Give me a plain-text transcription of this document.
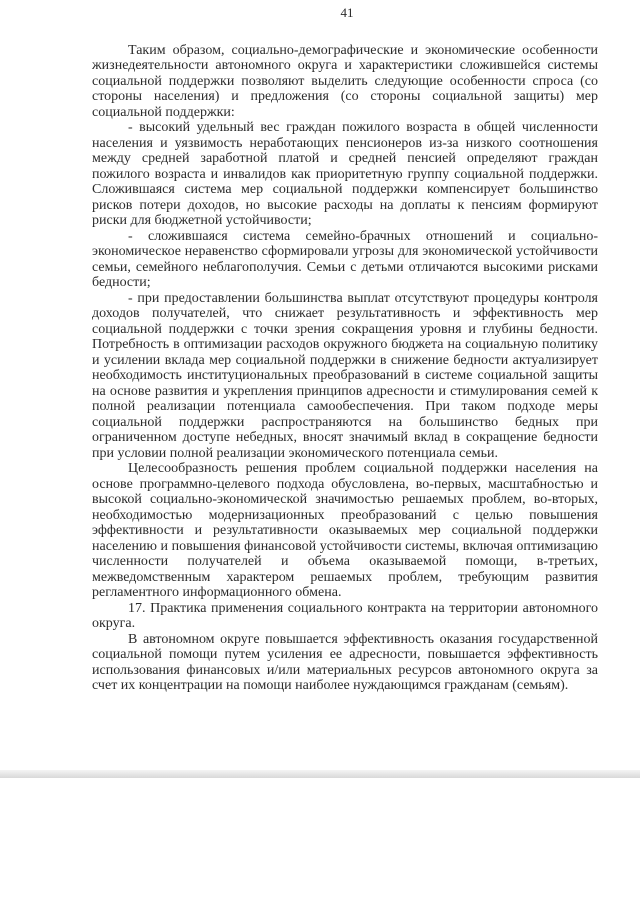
41

Таким образом, социально-демографические и экономические особенности жизнедеятельности автономного округа и характеристики сложившейся системы социальной поддержки позволяют выделить следующие особенности спроса (со стороны населения) и предложения (со стороны социальной защиты) мер социальной поддержки:

- высокий удельный вес граждан пожилого возраста в общей численности населения и уязвимость неработающих пенсионеров из-за низкого соотношения между средней заработной платой и средней пенсией определяют граждан пожилого возраста и инвалидов как приоритетную группу социальной поддержки. Сложившаяся система мер социальной поддержки компенсирует большинство рисков потери доходов, но высокие расходы на доплаты к пенсиям формируют риски для бюджетной устойчивости;

- сложившаяся система семейно-брачных отношений и социально-экономическое неравенство сформировали угрозы для экономической устойчивости семьи, семейного неблагополучия. Семьи с детьми отличаются высокими рисками бедности;

- при предоставлении большинства выплат отсутствуют процедуры контроля доходов получателей, что снижает результативность и эффективность мер социальной поддержки с точки зрения сокращения уровня и глубины бедности. Потребность в оптимизации расходов окружного бюджета на социальную политику и усилении вклада мер социальной поддержки в снижение бедности актуализирует необходимость институциональных преобразований в системе социальной защиты на основе развития и укрепления принципов адресности и стимулирования семей к полной реализации потенциала самообеспечения. При таком подходе меры социальной поддержки распространяются на большинство бедных при ограниченном доступе небедных, вносят значимый вклад в сокращение бедности при условии полной реализации экономического потенциала семьи.

Целесообразность решения проблем социальной поддержки населения на основе программно-целевого подхода обусловлена, во-первых, масштабностью и высокой социально-экономической значимостью решаемых проблем, во-вторых, необходимостью модернизационных преобразований с целью повышения эффективности и результативности оказываемых мер социальной поддержки населению и повышения финансовой устойчивости системы, включая оптимизацию численности получателей и объема оказываемой помощи, в-третьих, межведомственным характером решаемых проблем, требующим развития регламентного информационного обмена.

17. Практика применения социального контракта на территории автономного округа.

В автономном округе повышается эффективность оказания государственной социальной помощи путем усиления ее адресности, повышается эффективность использования финансовых и/или материальных ресурсов автономного округа за счет их концентрации на помощи наиболее нуждающимся гражданам (семьям).
